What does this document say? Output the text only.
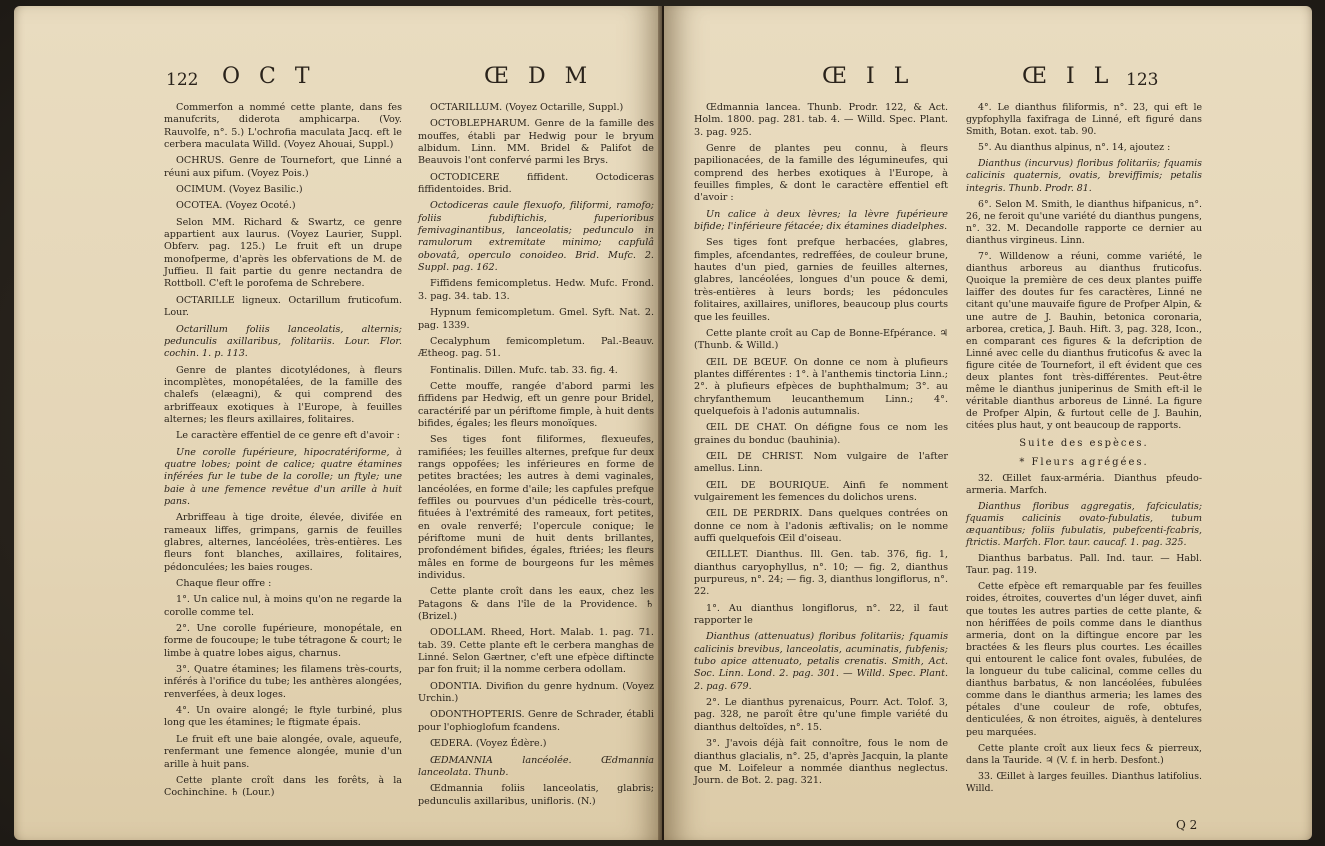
122 O C T	Œ D M

Commerfon a nommé cette plante, dans fes manufcrits, diderota amphicarpa. (Voy. Rauvolfe, n°. 5.) L'ochrofia maculata Jacq. eft le cerbera maculata Willd. (Voyez Ahouai, Suppl.)

OCHRUS. Genre de Tournefort, que Linné a réuni aux pifum. (Voyez Pois.)

OCIMUM. (Voyez Basilic.)

OCOTEA. (Voyez Ocoté.)

Selon MM. Richard & Swartz, ce genre appartient aux laurus. (Voyez Laurier, Suppl. Obferv. pag. 125.) Le fruit eft un drupe monofperme, d'après les obfervations de M. de Juffieu. Il fait partie du genre nectandra de Rottboll. C'eft le porofema de Schrebere.

OCTARILLE ligneux. Octarillum fruticofum. Lour.

Octarillum foliis lanceolatis, alternis; pedunculis axillaribus, folitariis. Lour. Flor. cochin. 1. p. 113.

Genre de plantes dicotylédones, à fleurs incomplètes, monopétalées, de la famille des chalefs (elæagni), & qui comprend des arbriffeaux exotiques à l'Europe, à feuilles alternes; les fleurs axillaires, folitaires.

Le caractère effentiel de ce genre eft d'avoir :

Une corolle fupérieure, hipocratériforme, à quatre lobes; point de calice; quatre étamines inférées fur le tube de la corolle; un ftyle; une baie à une femence revêtue d'un arille à huit pans.

Arbriffeau à tige droite, élevée, divifée en rameaux liffes, grimpans, garnis de feuilles glabres, alternes, lancéolées, très-entières. Les fleurs font blanches, axillaires, folitaires, pédonculées; les baies rouges.

Chaque fleur offre :

1°. Un calice nul, à moins qu'on ne regarde la corolle comme tel.

2°. Une corolle fupérieure, monopétale, en forme de foucoupe; le tube tétragone & court; le limbe à quatre lobes aigus, charnus.

3°. Quatre étamines; les filamens très-courts, inférés à l'orifice du tube; les anthères alongées, renverfées, à deux loges.

4°. Un ovaire alongé; le ftyle turbiné, plus long que les étamines; le ftigmate épais.

Le fruit eft une baie alongée, ovale, aqueufe, renfermant une femence alongée, munie d'un arille à huit pans.

Cette plante croît dans les forêts, à la Cochinchine. ♄ (Lour.)

OCTARILLUM. (Voyez Octarille, Suppl.)

OCTOBLEPHARUM. Genre de la famille des mouffes, établi par Hedwig pour le bryum albidum. Linn. MM. Bridel & Palifot de Beauvois l'ont confervé parmi les Brys.

OCTODICERE fiffident. Octodiceras fiffidentoides. Brid.

Octodiceras caule flexuofo, filiformi, ramofo; foliis fubdiftichis, fuperioribus femivaginantibus, lanceolatis; pedunculo in ramulorum extremitate minimo; capfulâ obovatâ, operculo conoideo. Brid. Mufc. 2. Suppl. pag. 162.

Fiffidens femicompletus. Hedw. Mufc. Frond. 3. pag. 34. tab. 13.

Hypnum femicompletum. Gmel. Syft. Nat. 2. pag. 1339.

Cecalyphum femicompletum. Pal.-Beauv. Ætheog. pag. 51.

Fontinalis. Dillen. Mufc. tab. 33. fig. 4.

Cette mouffe, rangée d'abord parmi les fiffidens par Hedwig, eft un genre pour Bridel, caractérifé par un périftome fimple, à huit dents bifides, égales; les fleurs monoïques.

Ses tiges font filiformes, flexueufes, ramifiées; les feuilles alternes, prefque fur deux rangs oppofées; les inférieures en forme de petites bractées; les autres à demi vaginales, lancéolées, en forme d'aile; les capfules prefque feffiles ou pourvues d'un pédicelle très-court, fituées à l'extrémité des rameaux, fort petites, en ovale renverfé; l'opercule conique; le périftome muni de huit dents brillantes, profondément bifides, égales, ftriées; les fleurs mâles en forme de bourgeons fur les mêmes individus.

Cette plante croît dans les eaux, chez les Patagons & dans l'île de la Providence. ♄ (Brizel.)

ODOLLAM. Rheed, Hort. Malab. 1. pag. 71. tab. 39. Cette plante eft le cerbera manghas de Linné. Selon Gærtner, c'eft une efpèce diftincte par fon fruit; il la nomme cerbera odollam.

ODONTIA. Divifion du genre hydnum. (Voyez Urchin.)

ODONTHOPTERIS. Genre de Schrader, établi pour l'ophioglofum fcandens.

ŒDERA. (Voyez Édère.)

ŒDMANNIA lancéolée. Œdmannia lanceolata. Thunb.

Œdmannia foliis lanceolatis, glabris; pedunculis axillaribus, unifloris. (N.)

Œ I L	Œ I L 123

Œdmannia lancea. Thunb. Prodr. 122, & Act. Holm. 1800. pag. 281. tab. 4. — Willd. Spec. Plant. 3. pag. 925.

Genre de plantes peu connu, à fleurs papilionacées, de la famille des légumineufes, qui comprend des herbes exotiques à l'Europe, à feuilles fimples, & dont le caractère effentiel eft d'avoir :

Un calice à deux lèvres; la lèvre fupérieure bifide; l'inférieure fétacée; dix étamines diadelphes.

Ses tiges font prefque herbacées, glabres, fimples, afcendantes, redreffées, de couleur brune, hautes d'un pied, garnies de feuilles alternes, glabres, lancéolées, longues d'un pouce & demi, très-entières à leurs bords; les pédoncules folitaires, axillaires, uniflores, beaucoup plus courts que les feuilles.

Cette plante croît au Cap de Bonne-Efpérance. ♃ (Thunb. & Willd.)

ŒIL DE BŒUF. On donne ce nom à plufieurs plantes différentes : 1°. à l'anthemis tinctoria Linn.; 2°. à plufieurs efpèces de buphthalmum; 3°. au chryfanthemum leucanthemum Linn.; 4°. quelquefois à l'adonis autumnalis.

ŒIL DE CHAT. On défigne fous ce nom les graines du bonduc (bauhinia).

ŒIL DE CHRIST. Nom vulgaire de l'after amellus. Linn.

ŒIL DE BOURIQUE. Ainfi fe nomment vulgairement les femences du dolichos urens.

ŒIL DE PERDRIX. Dans quelques contrées on donne ce nom à l'adonis æftivalis; on le nomme auffi quelquefois Œil d'oiseau.

ŒILLET. Dianthus. Ill. Gen. tab. 376, fig. 1, dianthus caryophyllus, n°. 10; — fig. 2, dianthus purpureus, n°. 24; — fig. 3, dianthus longiflorus, n°. 22.

1°. Au dianthus longiflorus, n°. 22, il faut rapporter le

Dianthus (attenuatus) floribus folitariis; fquamis calicinis brevibus, lanceolatis, acuminatis, fubfenis; tubo apice attenuato, petalis crenatis. Smith, Act. Soc. Linn. Lond. 2. pag. 301. — Willd. Spec. Plant. 2. pag. 679.

2°. Le dianthus pyrenaicus, Pourr. Act. Tolof. 3, pag. 328, ne paroît être qu'une fimple variété du dianthus deltoïdes, n°. 15.

3°. J'avois déjà fait connoître, fous le nom de dianthus glacialis, n°. 25, d'après Jacquin, la plante que M. Loifeleur a nommée dianthus neglectus. Journ. de Bot. 2. pag. 321.

4°. Le dianthus filiformis, n°. 23, qui eft le gypfophylla faxifraga de Linné, eft figuré dans Smith, Botan. exot. tab. 90.

5°. Au dianthus alpinus, n°. 14, ajoutez :

Dianthus (incurvus) floribus folitariis; fquamis calicinis quaternis, ovatis, breviffimis; petalis integris. Thunb. Prodr. 81.

6°. Selon M. Smith, le dianthus hifpanicus, n°. 26, ne feroit qu'une variété du dianthus pungens, n°. 32. M. Decandolle rapporte ce dernier au dianthus virgineus. Linn.

7°. Willdenow a réuni, comme variété, le dianthus arboreus au dianthus fruticofus. Quoique la première de ces deux plantes puiffe laiffer des doutes fur fes caractères, Linné ne citant qu'une mauvaife figure de Profper Alpin, & une autre de J. Bauhin, betonica coronaria, arborea, cretica, J. Bauh. Hift. 3, pag. 328, Icon., en comparant ces figures & la defcription de Linné avec celle du dianthus fruticofus & avec la figure citée de Tournefort, il eft évident que ces deux plantes font très-différentes. Peut-être même le dianthus juniperinus de Smith eft-il le véritable dianthus arboreus de Linné. La figure de Profper Alpin, & furtout celle de J. Bauhin, citées plus haut, y ont beaucoup de rapports.

Suite des espèces.

* Fleurs agrégées.

32. Œillet faux-arméria. Dianthus pfeudo-armeria. Marfch.

Dianthus floribus aggregatis, fafciculatis; fquamis calicinis ovato-fubulatis, tubum æquantibus; foliis fubulatis, pubefcenti-fcabris, ftrictis. Marfch. Flor. taur. caucaf. 1. pag. 325.

Dianthus barbatus. Pall. Ind. taur. — Habl. Taur. pag. 119.

Cette efpèce eft remarquable par fes feuilles roides, étroites, couvertes d'un léger duvet, ainfi que toutes les autres parties de cette plante, & non hériffées de poils comme dans le dianthus armeria, dont on la diftingue encore par les bractées & les fleurs plus courtes. Les écailles qui entourent le calice font ovales, fubulées, de la longueur du tube calicinal, comme celles du dianthus barbatus, & non lancéolées, fubulées comme dans le dianthus armeria; les lames des pétales d'une couleur de rofe, obtufes, denticulées, & non étroites, aiguës, à dentelures peu marquées.

Cette plante croît aux lieux fecs & pierreux, dans la Tauride. ♃ (V. f. in herb. Desfont.)

33. Œillet à larges feuilles. Dianthus latifolius. Willd.

Q 2
